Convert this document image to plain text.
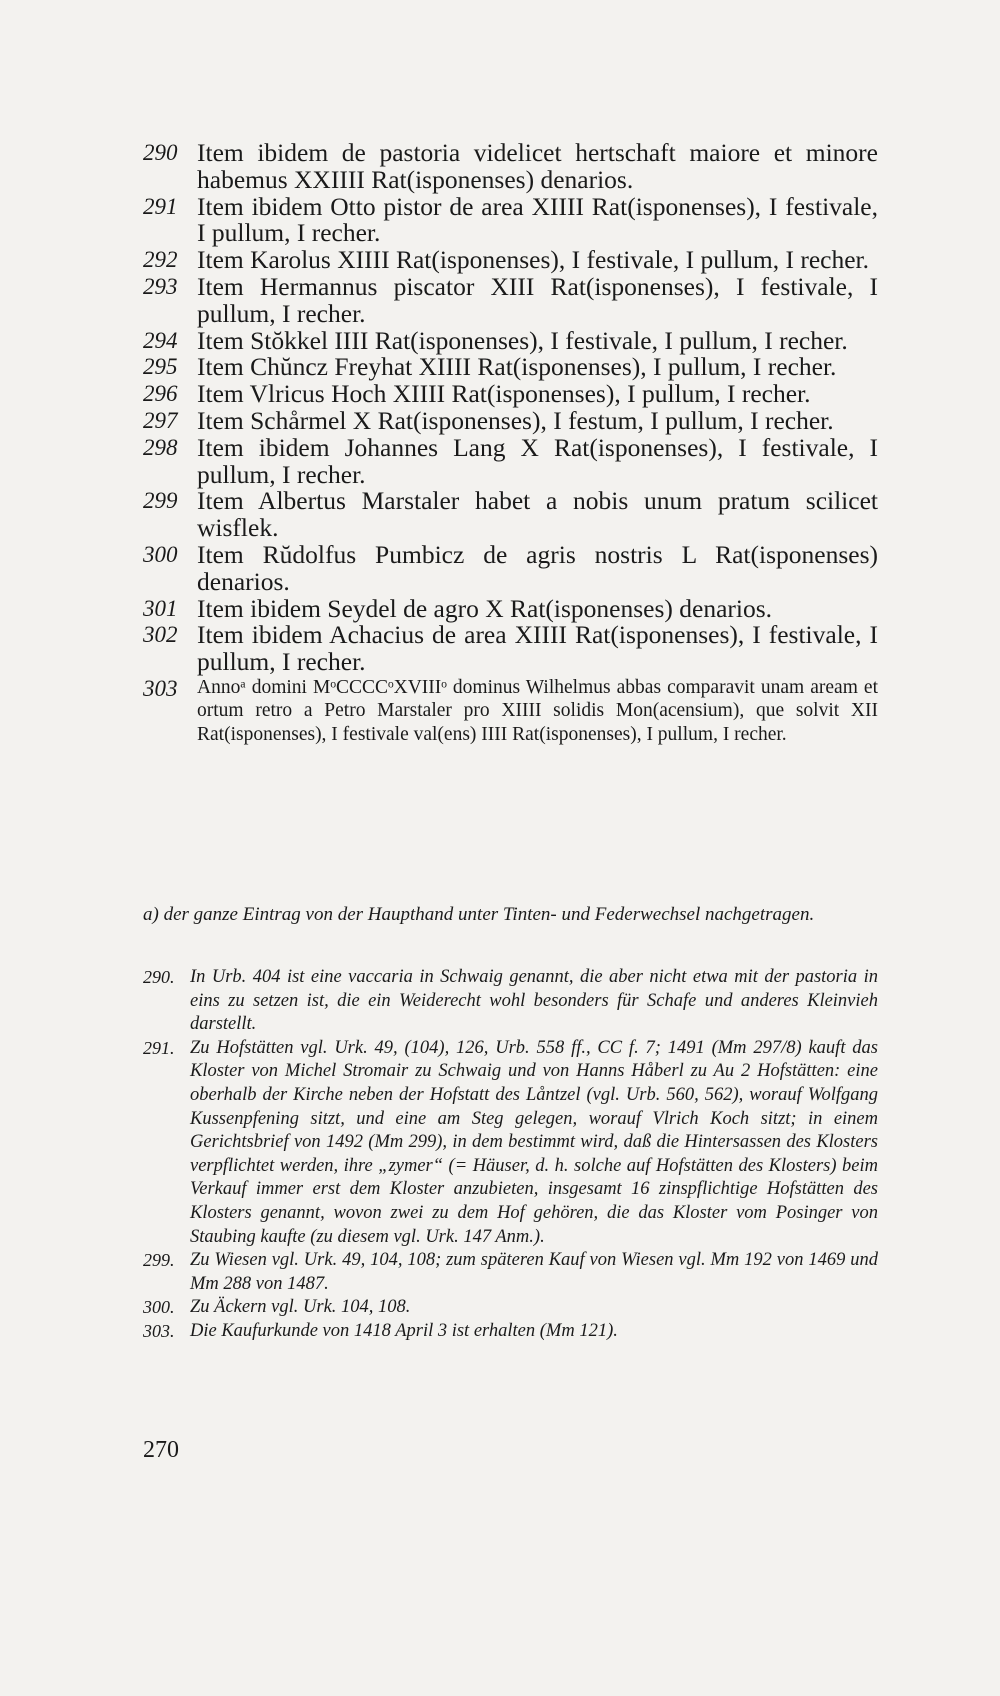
290 Item ibidem de pastoria videlicet hertschaft maiore et minore habemus XXIIII Rat(isponenses) denarios.
291 Item ibidem Otto pistor de area XIIII Rat(isponenses), I festivale, I pullum, I recher.
292 Item Karolus XIIII Rat(isponenses), I festivale, I pullum, I recher.
293 Item Hermannus piscator XIII Rat(isponenses), I festivale, I pullum, I recher.
294 Item Stŏkkel IIII Rat(isponenses), I festivale, I pullum, I recher.
295 Item Chŭncz Freyhat XIIII Rat(isponenses), I pullum, I recher.
296 Item Vlricus Hoch XIIII Rat(isponenses), I pullum, I recher.
297 Item Schårmel X Rat(isponenses), I festum, I pullum, I recher.
298 Item ibidem Johannes Lang X Rat(isponenses), I festivale, I pullum, I recher.
299 Item Albertus Marstaler habet a nobis unum pratum scilicet wisflek.
300 Item Rŭdolfus Pumbicz de agris nostris L Rat(isponenses) denarios.
301 Item ibidem Seydel de agro X Rat(isponenses) denarios.
302 Item ibidem Achacius de area XIIII Rat(isponenses), I festivale, I pullum, I recher.
303	Annoᵃ domini MᵒCCCCᵒXVIIIᵒ dominus Wilhelmus abbas comparavit unam aream et ortum retro a Petro Marstaler pro XIIII solidis Mon(acensium), que solvit XII Rat(isponenses), I festivale val(ens) IIII Rat(isponenses), I pullum, I recher.
a) der ganze Eintrag von der Haupthand unter Tinten- und Federwechsel nachgetragen.
290. In Urb. 404 ist eine vaccaria in Schwaig genannt, die aber nicht etwa mit der pastoria in eins zu setzen ist, die ein Weiderecht wohl besonders für Schafe und anderes Kleinvieh darstellt.
291. Zu Hofstätten vgl. Urk. 49, (104), 126, Urb. 558 ff., CC f. 7; 1491 (Mm 297/8) kauft das Kloster von Michel Stromair zu Schwaig und von Hanns Håberl zu Au 2 Hofstätten: eine oberhalb der Kirche neben der Hofstatt des Låntzel (vgl. Urb. 560, 562), worauf Wolfgang Kussenpfening sitzt, und eine am Steg gelegen, worauf Vlrich Koch sitzt; in einem Gerichtsbrief von 1492 (Mm 299), in dem bestimmt wird, daß die Hintersassen des Klosters verpflichtet werden, ihre „zymer“ (= Häuser, d. h. solche auf Hofstätten des Klosters) beim Verkauf immer erst dem Kloster anzubieten, insgesamt 16 zinspflichtige Hofstätten des Klosters genannt, wovon zwei zu dem Hof gehören, die das Kloster vom Posinger von Staubing kaufte (zu diesem vgl. Urk. 147 Anm.).
299. Zu Wiesen vgl. Urk. 49, 104, 108; zum späteren Kauf von Wiesen vgl. Mm 192 von 1469 und Mm 288 von 1487.
300. Zu Äckern vgl. Urk. 104, 108.
303. Die Kaufurkunde von 1418 April 3 ist erhalten (Mm 121).
270
